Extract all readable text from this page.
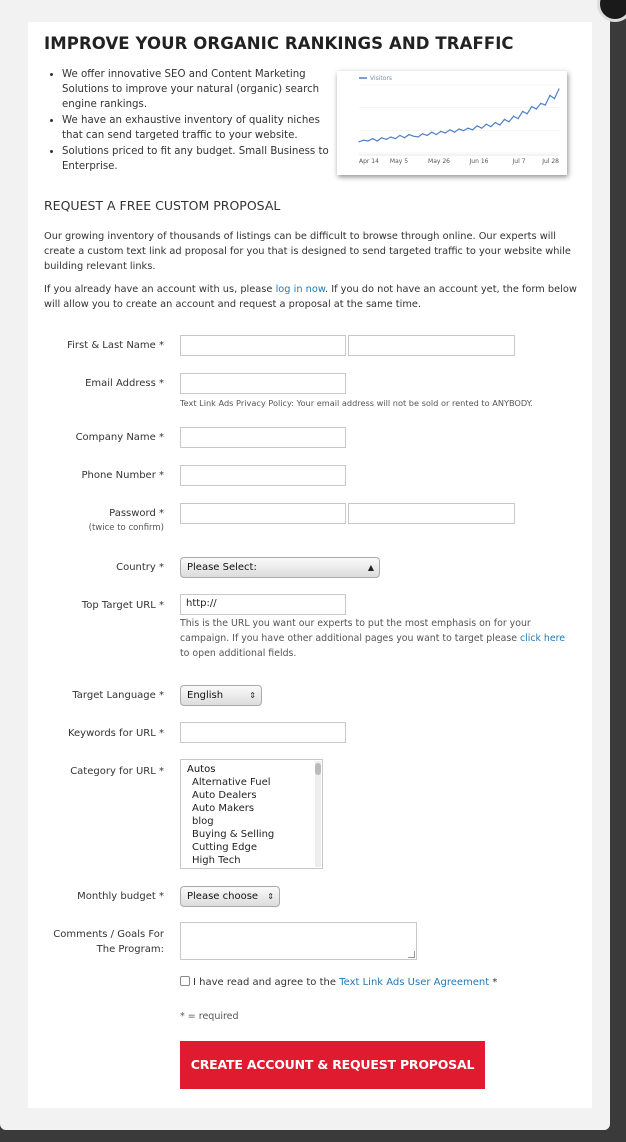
IMPROVE YOUR ORGANIC RANKINGS AND TRAFFIC
• We offer innovative SEO and Content Marketing Solutions to improve your natural (organic) search engine rankings.
• We have an exhaustive inventory of quality niches that can send targeted traffic to your website.
• Solutions priced to fit any budget. Small Business to Enterprise.
Visitors
Apr 14 May 5	May 26	Jun 16	Jul 7	Jul 28
REQUEST A FREE CUSTOM PROPOSAL

Our growing inventory of thousands of listings can be difficult to browse through online. Our experts will create a custom text link ad proposal for you that is designed to send targeted traffic to your website while building relevant links.

If you already have an account with us, please log in now. If you do not have an account yet, the form below will allow you to create an account and request a proposal at the same time.

First & Last Name *
Email Address *
Text Link Ads Privacy Policy: Your email address will not be sold or rented to ANYBODY.
Company Name *
Phone Number *
Password *
(twice to confirm)
Country *	Please Select:	▲︎

Top Target URL *	http://
This is the URL you want our experts to put the most emphasis on for your campaign. If you have other additional pages you want to target please click here to open additional fields.
Target Language *	English	⇕
Keywords for URL *
Category for URL * Autos
Alternative Fuel
Auto Dealers
Auto Makers
blog
Buying & Selling
Cutting Edge
High Tech
Monthly budget *	Please choose ⇕
Comments / Goals For
The Program:
I have read and agree to the Text Link Ads User Agreement *
* = required
CREATE ACCOUNT & REQUEST PROPOSAL
